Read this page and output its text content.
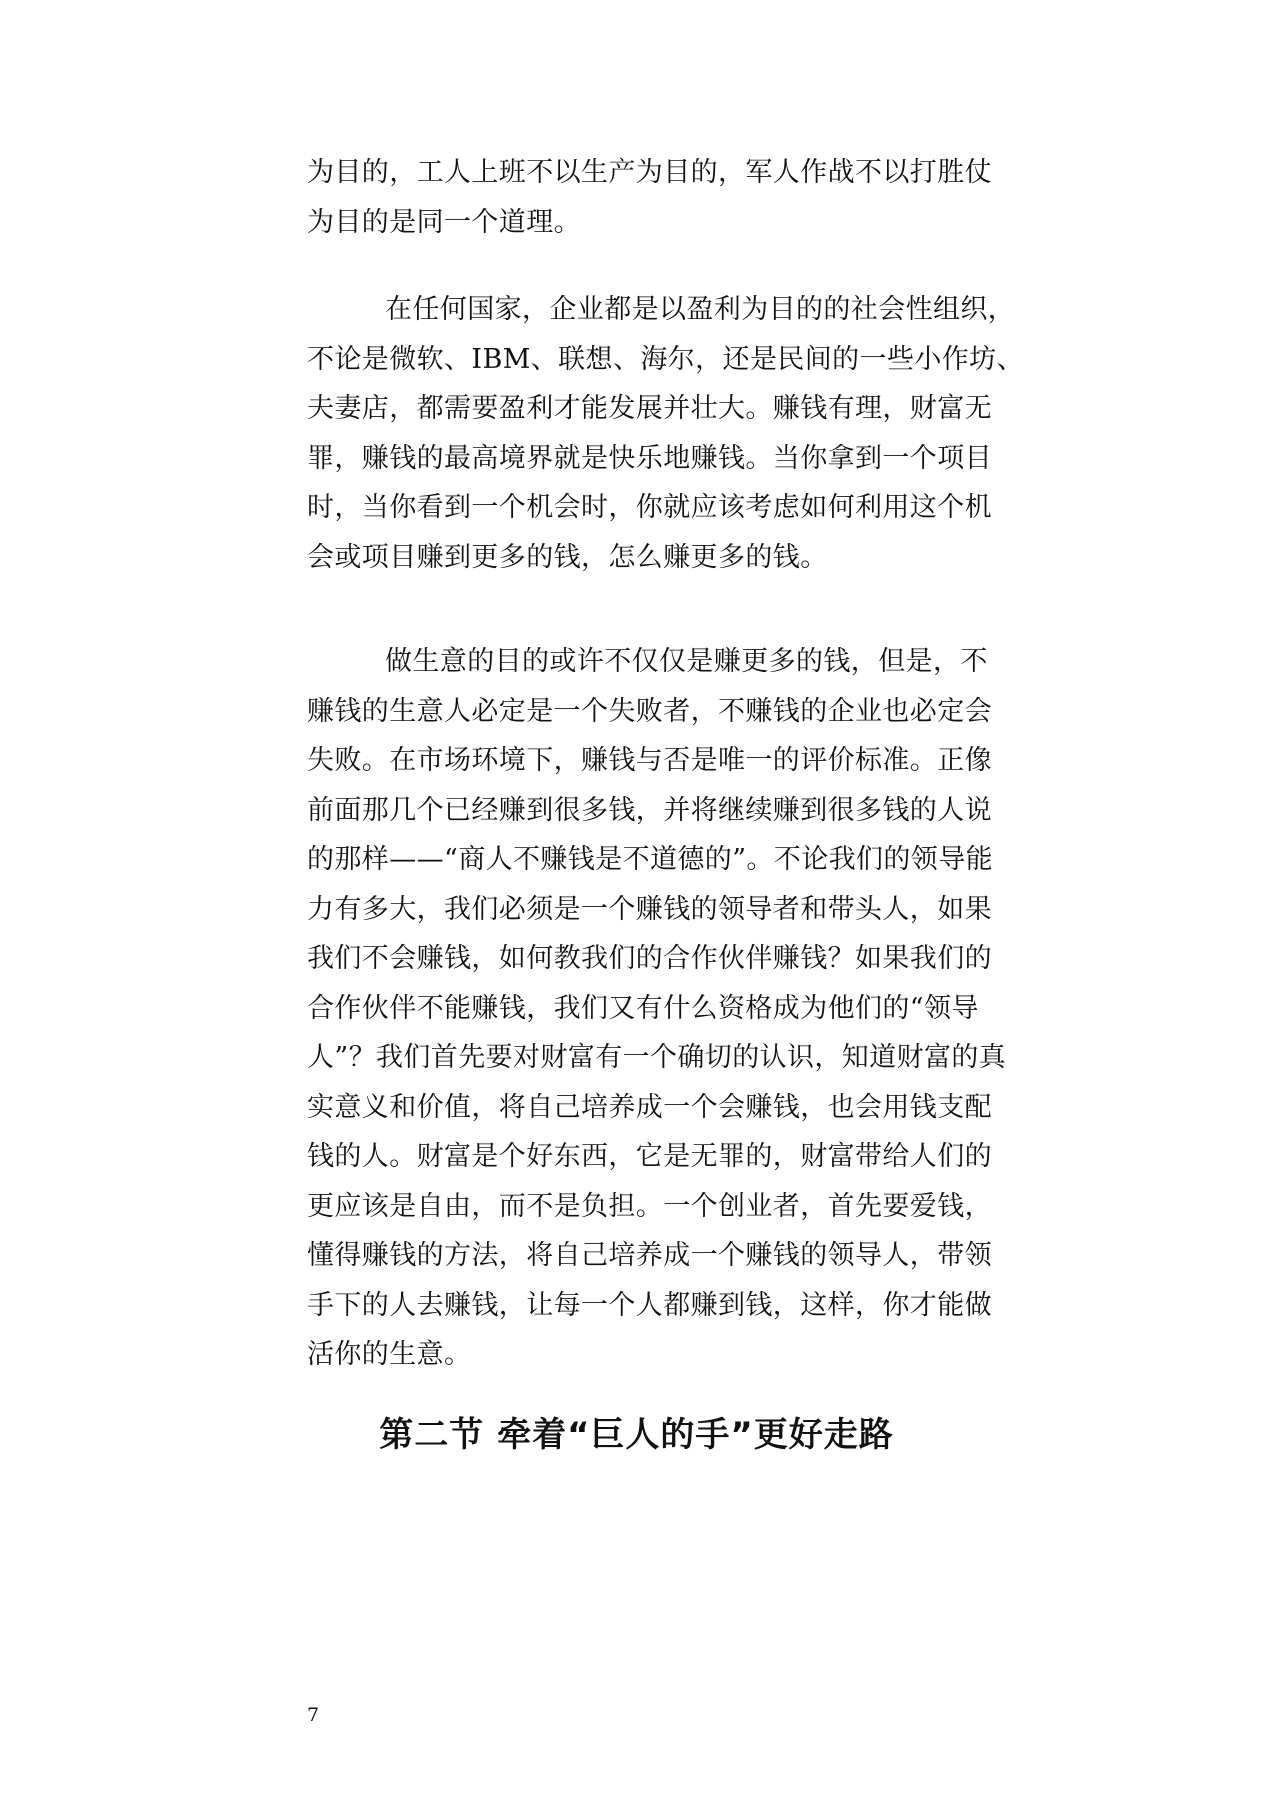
为目的，工人上班不以生产为目的，军人作战不以打胜仗
为目的是同一个道理。
在任何国家，企业都是以盈利为目的的社会性组织，
不论是微软、IBM、联想、海尔，还是民间的一些小作坊、
夫妻店，都需要盈利才能发展并壮大。赚钱有理，财富无
罪，赚钱的最高境界就是快乐地赚钱。当你拿到一个项目
时，当你看到一个机会时，你就应该考虑如何利用这个机
会或项目赚到更多的钱，怎么赚更多的钱。
做生意的目的或许不仅仅是赚更多的钱，但是，不
赚钱的生意人必定是一个失败者，不赚钱的企业也必定会
失败。在市场环境下，赚钱与否是唯一的评价标准。正像
前面那几个已经赚到很多钱，并将继续赚到很多钱的人说
的那样——“商人不赚钱是不道德的”。不论我们的领导能
力有多大，我们必须是一个赚钱的领导者和带头人，如果
我们不会赚钱，如何教我们的合作伙伴赚钱？如果我们的
合作伙伴不能赚钱，我们又有什么资格成为他们的“领导
人”？我们首先要对财富有一个确切的认识，知道财富的真
实意义和价值，将自己培养成一个会赚钱，也会用钱支配
钱的人。财富是个好东西，它是无罪的，财富带给人们的
更应该是自由，而不是负担。一个创业者，首先要爱钱，
懂得赚钱的方法，将自己培养成一个赚钱的领导人，带领
手下的人去赚钱，让每一个人都赚到钱，这样，你才能做
活你的生意。
第二节 牵着“巨人的手”更好走路
7
